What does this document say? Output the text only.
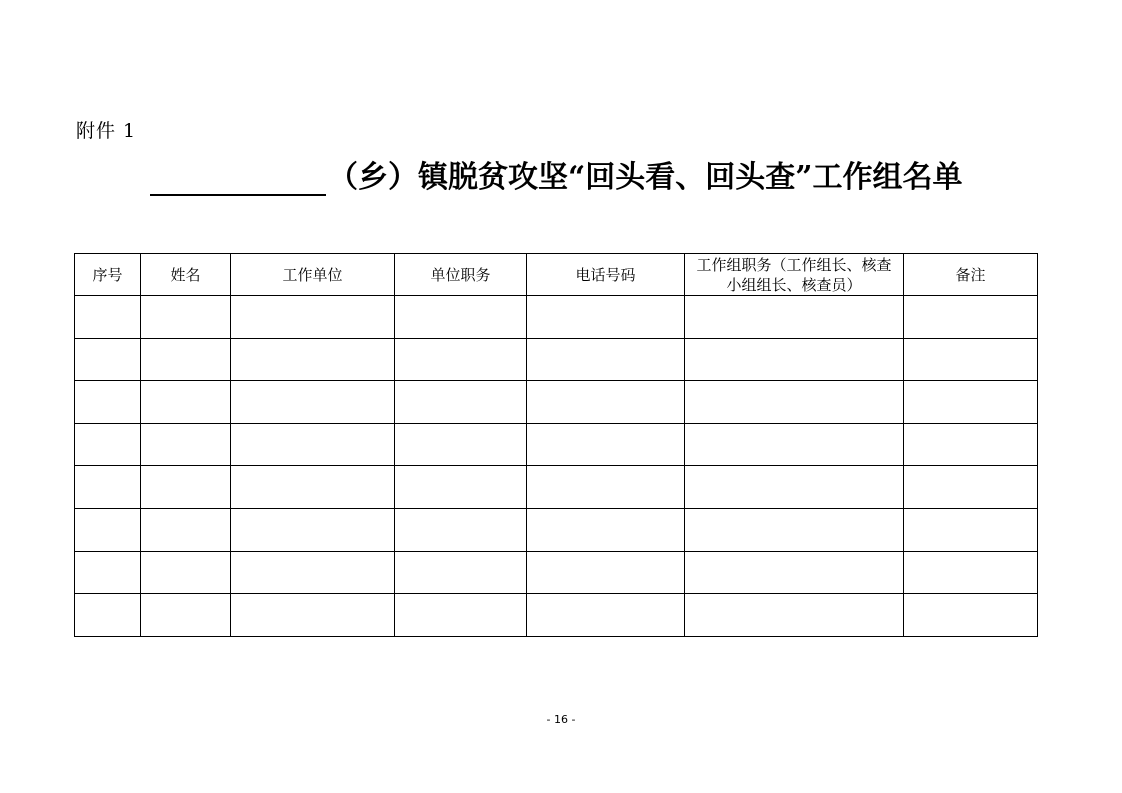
附件 1
（乡）镇脱贫攻坚“回头看、回头查”工作组名单
序号	姓名	工作单位	单位职务	电话号码	工作组职务（工作组长、核查小组组长、核查员）	备注

- 16 -
